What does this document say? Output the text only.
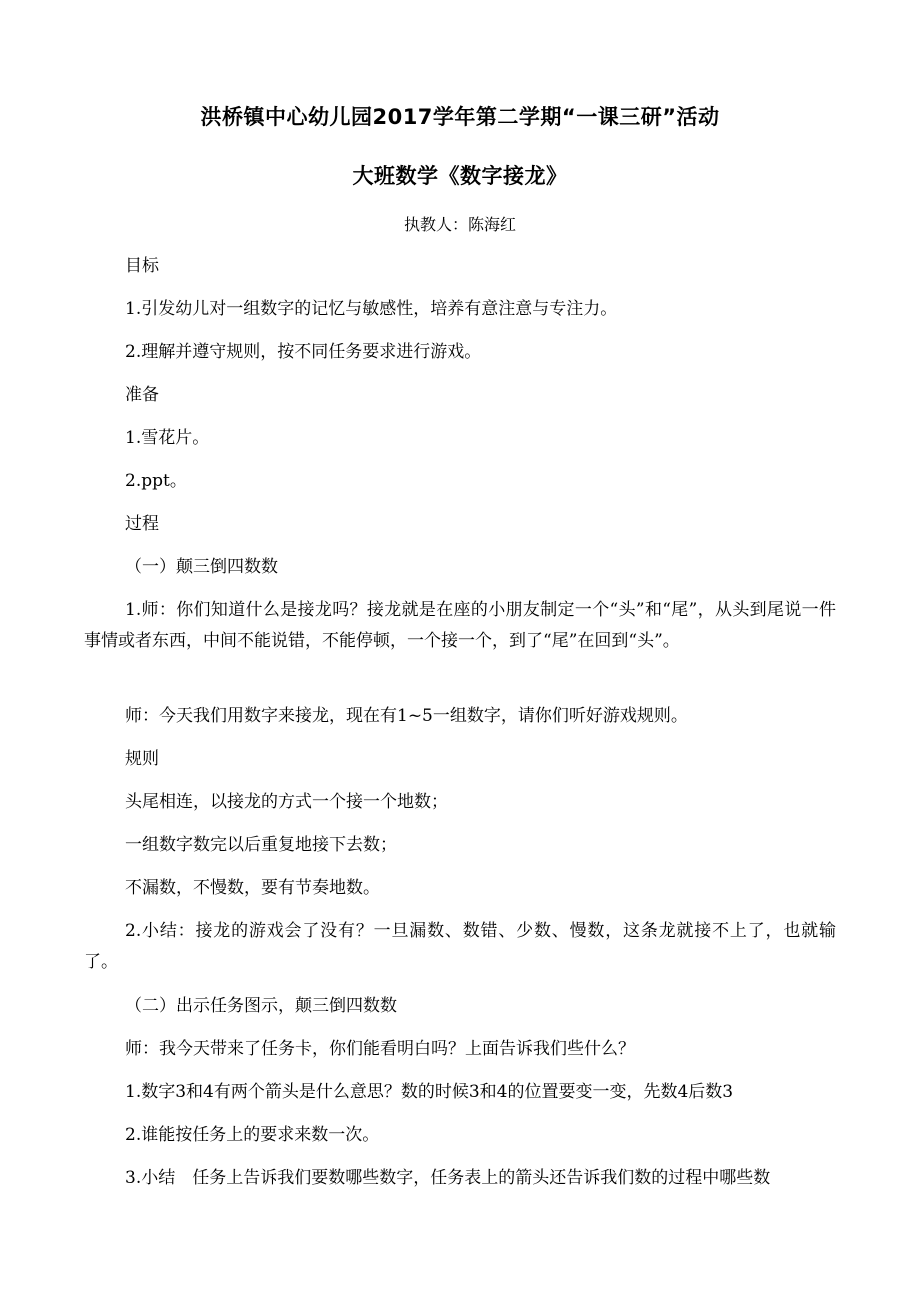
洪桥镇中心幼儿园2017学年第二学期“一课三研”活动
大班数学《数字接龙》
执教人：陈海红
目标
1.引发幼儿对一组数字的记忆与敏感性，培养有意注意与专注力。
2.理解并遵守规则，按不同任务要求进行游戏。
准备
1.雪花片。
2.ppt。
过程
（一）颠三倒四数数
1.师：你们知道什么是接龙吗？接龙就是在座的小朋友制定一个“头”和“尾”，从头到尾说一件事情或者东西，中间不能说错，不能停顿，一个接一个，到了“尾”在回到“头”。
师：今天我们用数字来接龙，现在有1~5一组数字，请你们听好游戏规则。
规则
头尾相连，以接龙的方式一个接一个地数；
一组数字数完以后重复地接下去数；
不漏数，不慢数，要有节奏地数。
2.小结：接龙的游戏会了没有？一旦漏数、数错、少数、慢数，这条龙就接不上了，也就输了。
（二）出示任务图示，颠三倒四数数
师：我今天带来了任务卡，你们能看明白吗？上面告诉我们些什么？
1.数字3和4有两个箭头是什么意思？数的时候3和4的位置要变一变，先数4后数3
2.谁能按任务上的要求来数一次。
3.小结　任务上告诉我们要数哪些数字，任务表上的箭头还告诉我们数的过程中哪些数
